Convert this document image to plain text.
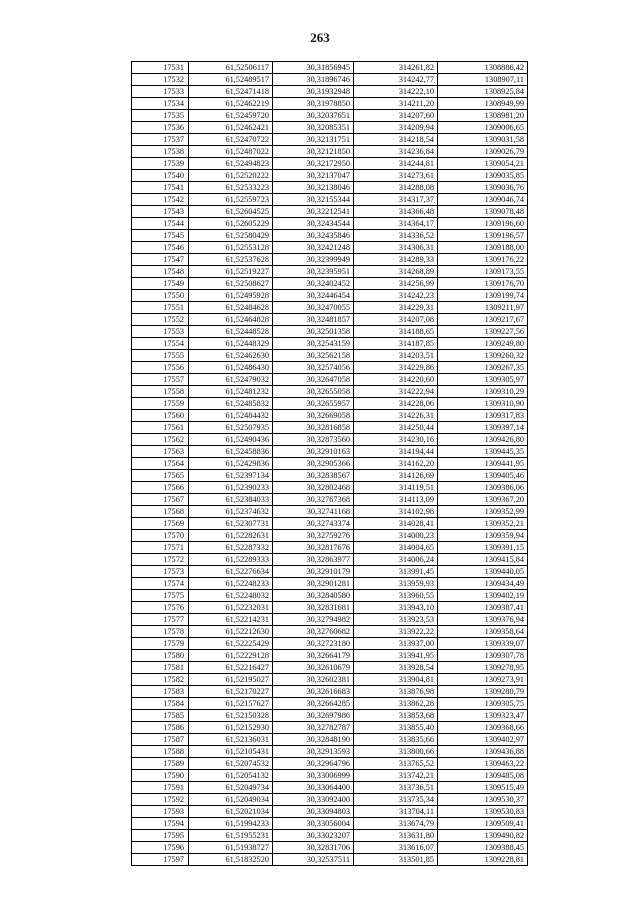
263
17531	61,52506117	30,31856945	314261,82	1308886,42
17532	61,52489517	30,31896746	314242,77	1308907,11
17533	61,52471418	30,31932948	314222,10	1308925,84
17534	61,52462219	30,31978850	314211,20	1308949,99
17535	61,52459720	30,32037651	314207,60	1308981,20
17536	61,52462421	30,32085351	314209,94	1309006,65
17537	61,52470722	30,32131751	314218,54	1309031,58
17538	61,52487022	30,32121850	314236,84	1309026,79
17539	61,52494823	30,32172950	314244,81	1309054,21
17540	61,52520222	30,32137047	314273,61	1309035,85
17541	61,52533223	30,32138046	314288,08	1309036,76
17542	61,52559723	30,32155344	314317,37	1309046,74
17543	61,52604525	30,32212541	314366,48	1309078,48
17544	61,52605229	30,32434544	314364,17	1309196,60
17545	61,52580429	30,32435846	314336,52	1309196,57
17546	61,52553128	30,32421248	314306,31	1309188,00
17547	61,52537628	30,32399949	314289,33	1309176,22
17548	61,52519227	30,32395951	314268,89	1309173,55
17549	61,52508627	30,32402452	314256,99	1309176,70
17550	61,52495928	30,32446454	314242,23	1309199,74
17551	61,52484628	30,32470055	314229,31	1309211,97
17552	61,52464828	30,32481857	314207,08	1309217,67
17553	61,52448528	30,32501358	314188,65	1309227,56
17554	61,52448329	30,32543159	314187,85	1309249,80
17555	61,52462630	30,32562158	314203,51	1309260,32
17556	61,52486430	30,32574056	314229,86	1309267,35
17557	61,52479032	30,32647058	314220,60	1309305,97
17558	61,52481232	30,32655058	314222,94	1309310,29
17559	61,52485832	30,32655957	314228,06	1309310,90
17560	61,52484432	30,32669058	314226,31	1309317,83
17561	61,52507935	30,32816858	314250,44	1309397,14
17562	61,52490436	30,32873560	314230,16	1309426,80
17563	61,52458836	30,32910163	314194,44	1309445,35
17564	61,52429836	30,32905366	314162,20	1309441,95
17565	61,52397134	30,32838567	314126,69	1309405,46
17566	61,52390233	30,32802468	314119,51	1309386,06
17567	61,52384033	30,32767368	314113,09	1309367,20
17568	61,52374632	30,32741168	314102,98	1309352,99
17569	61,52307731	30,32743374	314028,41	1309352,21
17570	61,52282631	30,32759276	314000,23	1309359,94
17571	61,52287332	30,32817676	314004,65	1309391,15
17572	61,52289333	30,32863977	314006,24	1309415,84
17573	61,52276634	30,32910179	313991,45	1309440,05
17574	61,52248233	30,32901281	313959,93	1309434,49
17575	61,52248032	30,32840580	313960,55	1309402,19
17576	61,52232031	30,32831681	313943,10	1309387,41
17577	61,52214231	30,32794982	313923,53	1309376,94
17578	61,52212630	30,32760682	313922,22	1309358,64
17579	61,52225429	30,32723180	313937,00	1309339,07
17580	61,52229128	30,32664179	313941,95	1309307,78
17581	61,52216427	30,32610679	313928,54	1309278,95
17582	61,52195027	30,32602381	313904,81	1309273,91
17583	61,52170227	30,32616683	313876,98	1309280,79
17584	61,52157627	30,32664285	313862,28	1309305,75
17585	61,52150328	30,32697986	313853,68	1309323,47
17586	61,52152930	30,32782787	313855,40	1309368,66
17587	61,52136031	30,32848190	313835,66	1309402,97
17588	61,52105431	30,32913593	313800,66	1309436,88
17589	61,52074532	30,32964796	313765,52	1309463,22
17590	61,52054132	30,33006999	313742,21	1309485,08
17591	61,52049734	30,33064400	313736,51	1309515,49
17592	61,52049034	30,33092400	313735,34	1309530,37
17593	61,52021034	30,33094803	313704,11	1309530,83
17594	61,51994233	30,33056004	313674,79	1309509,41
17595	61,51955231	30,33023207	313631,80	1309490,82
17596	61,51938727	30,32831706	313616,07	1309388,45
17597	61,51832520	30,32537511	313501,85	1309228,81
